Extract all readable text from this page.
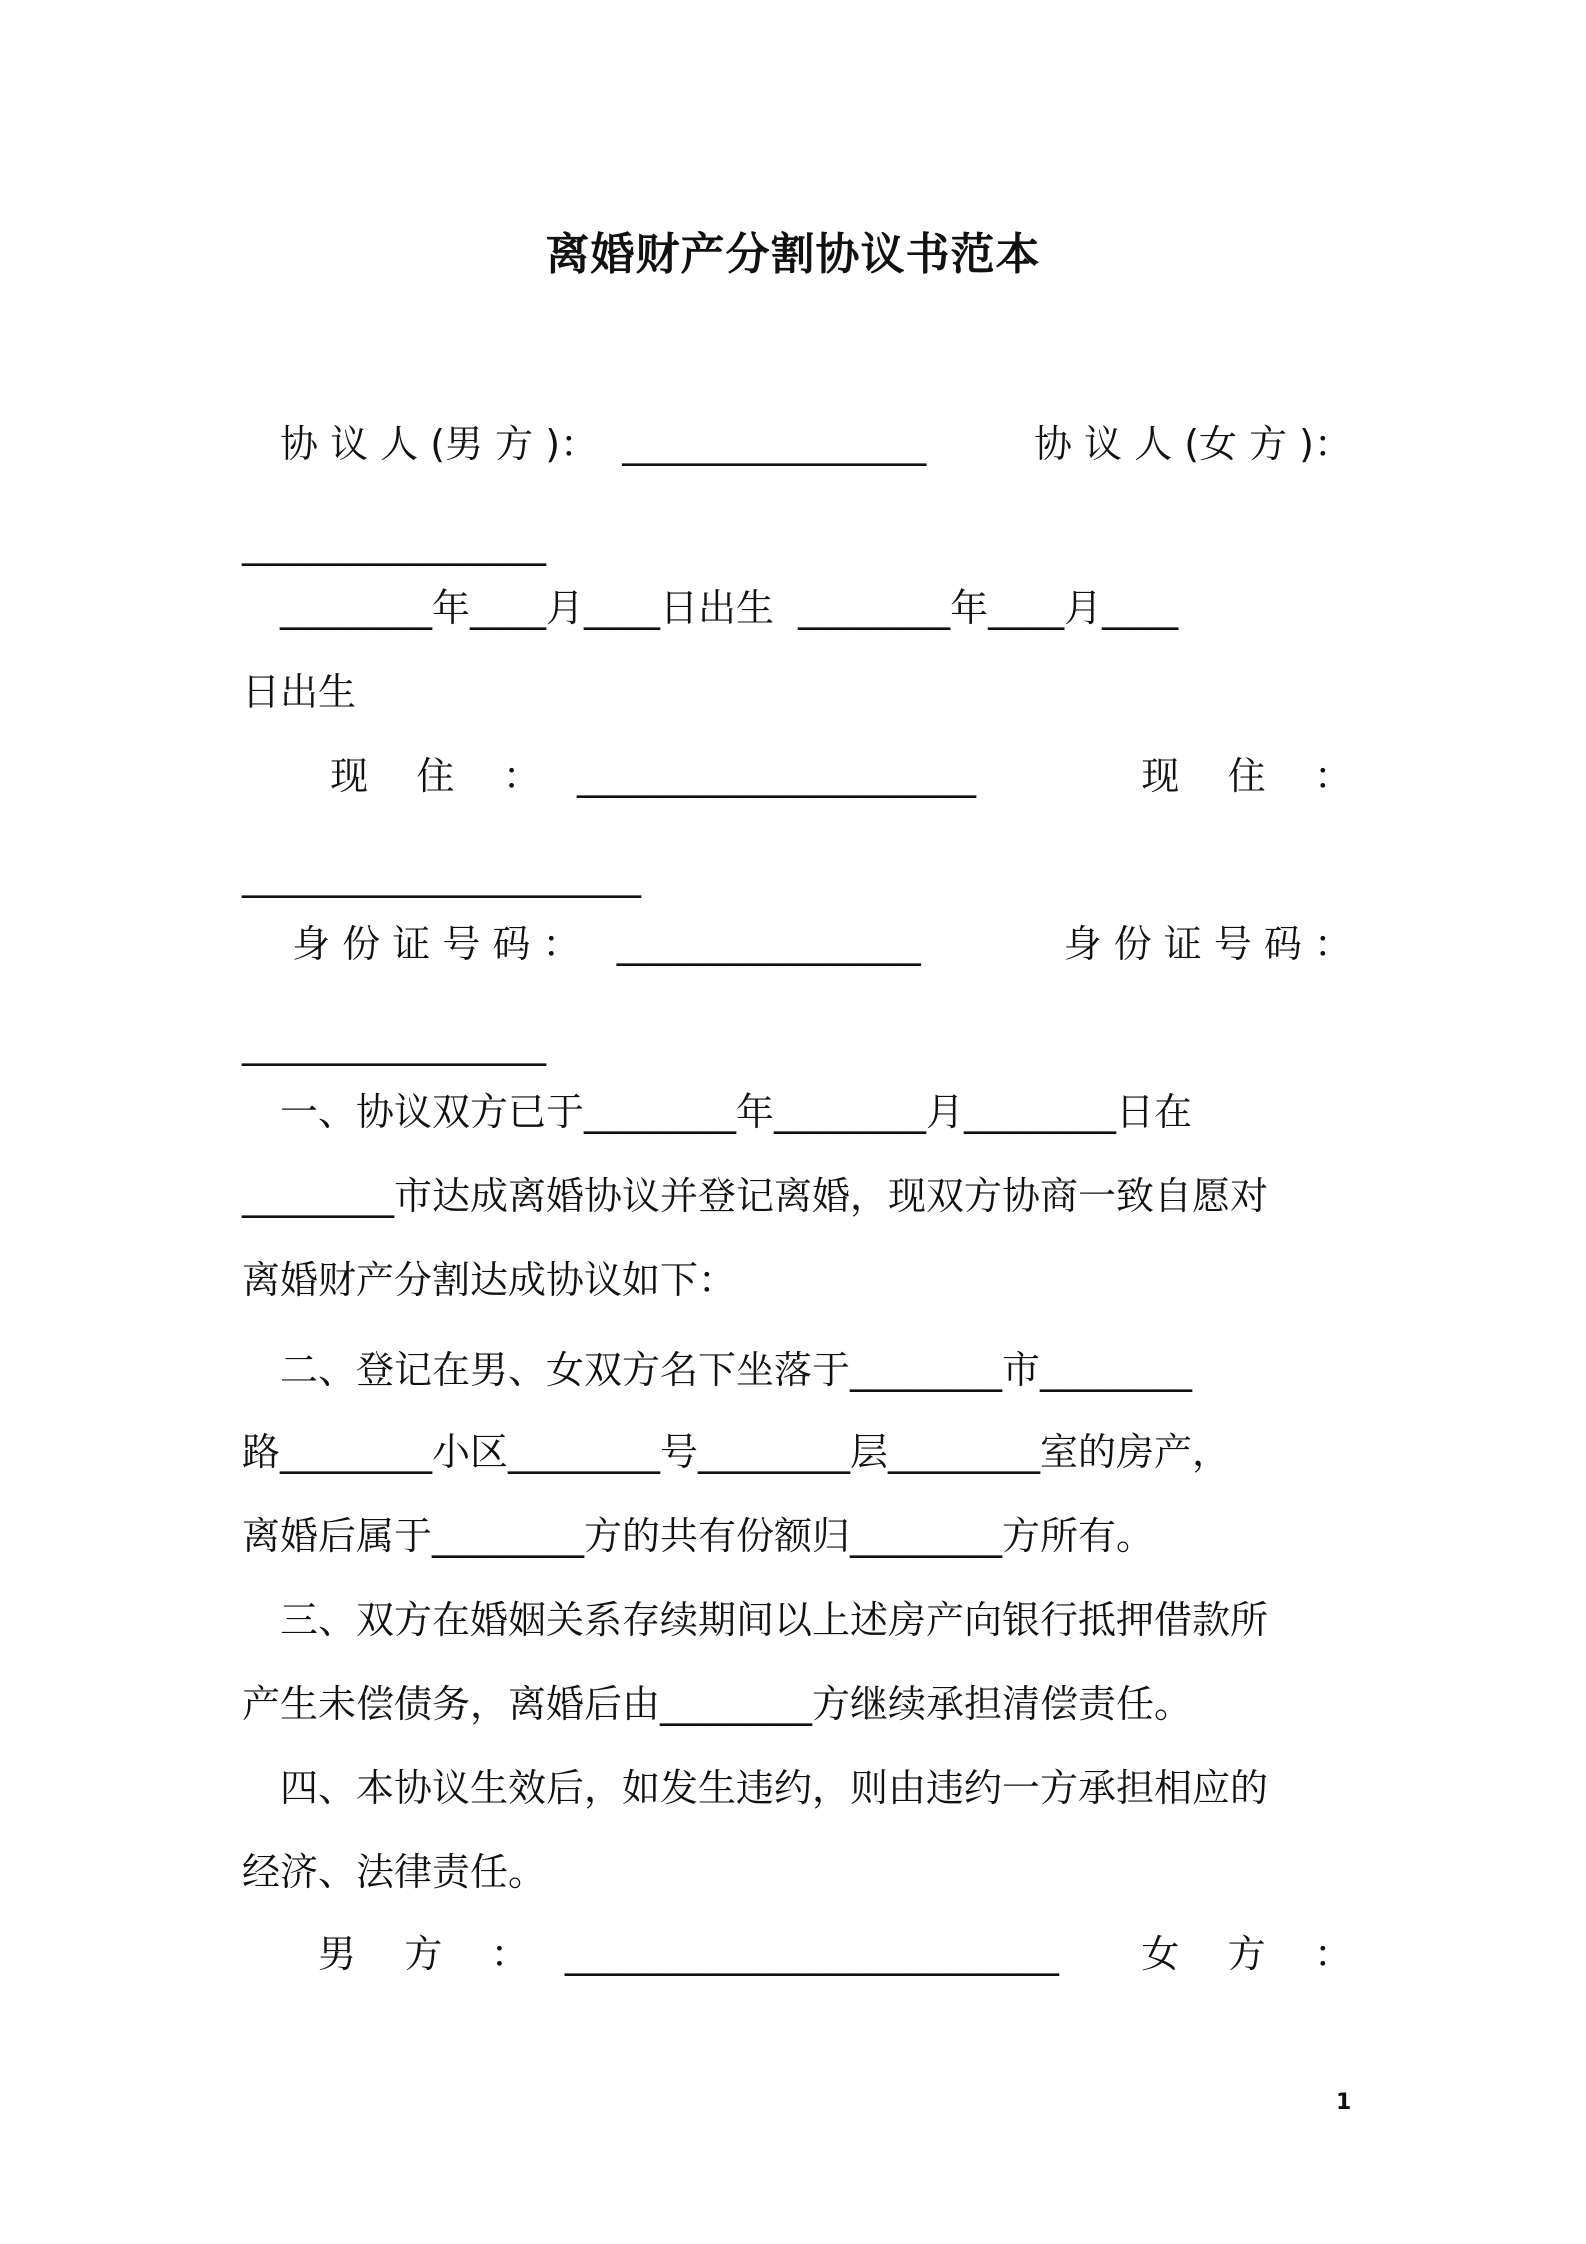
离婚财产分割协议书范本
　协 议 人 (男 方 )：  ________________	协 议 人 (女 方 )：
________________
　________年____月____日出生  ________年____月____
日出生
　　 现    住    ：   _____________________	现    住    ：
_____________________
　 身 份 证 号 码 ：   ________________	身 份 证 号 码 ：
________________
　一、协议双方已于________年________月________日在
________市达成离婚协议并登记离婚，现双方协商一致自愿对
离婚财产分割达成协议如下：
　二、登记在男、女双方名下坐落于________市________
路________小区________号________层________室的房产，
离婚后属于________方的共有份额归________方所有。
　三、双方在婚姻关系存续期间以上述房产向银行抵押借款所
产生未偿债务，离婚后由________方继续承担清偿责任。
　四、本协议生效后，如发生违约，则由违约一方承担相应的
经济、法律责任。
　　男    方    ：   __________________________ 女    方    ：
1
